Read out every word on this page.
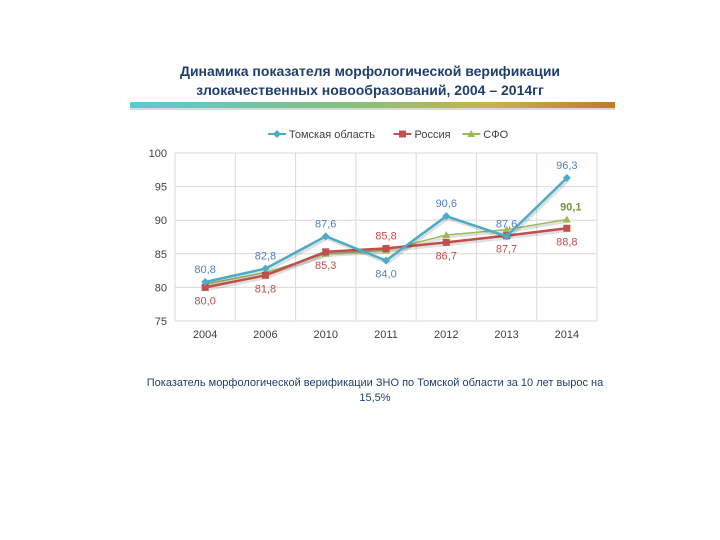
Динамика показателя морфологической верификации
злокачественных новообразований, 2004 – 2014гг
75
80
85
90
95
100
2004	2006	2010	2011	2012	2013	2014
80,8
82,8
87,6
84,0
90,6
87,6
96,3
80,0
81,8
85,3
85,8
86,7
87,7
88,8
90,1
Томская область	Россия	СФО
Показатель морфологической верификации ЗНО по Томской области за 10 лет вырос на 15,5%
